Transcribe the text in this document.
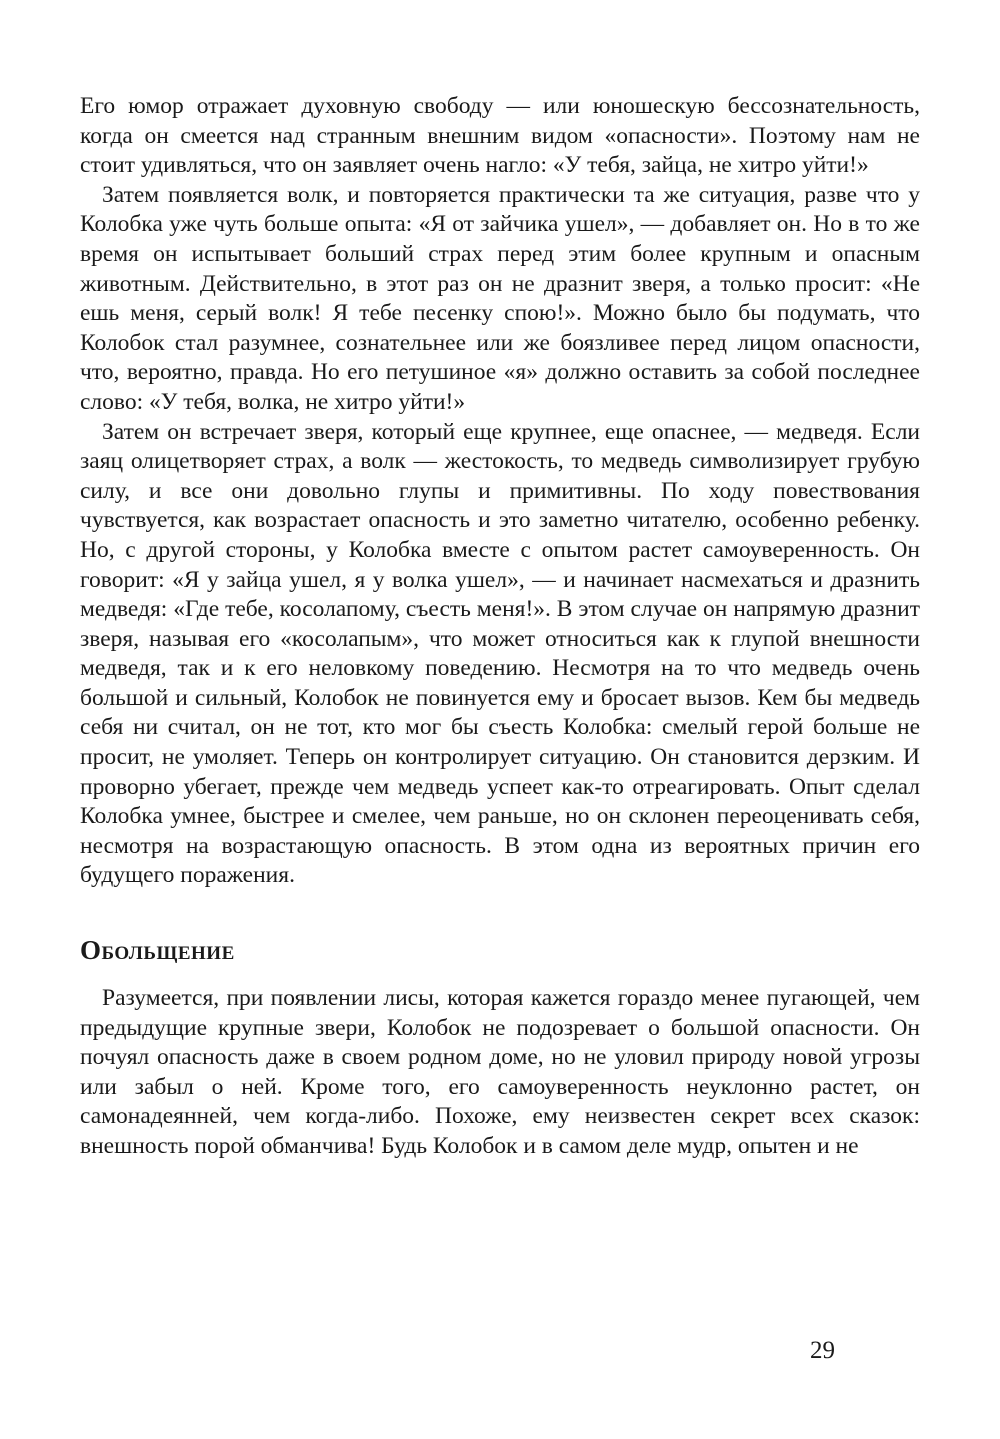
Его юмор отражает духовную свободу — или юношескую бессознательность, когда он смеется над странным внешним видом «опасности». Поэтому нам не стоит удивляться, что он заявляет очень нагло: «У тебя, зайца, не хитро уйти!»

Затем появляется волк, и повторяется практически та же ситуация, разве что у Колобка уже чуть больше опыта: «Я от зайчика ушел», — добавляет он. Но в то же время он испытывает больший страх перед этим более крупным и опасным животным. Действительно, в этот раз он не дразнит зверя, а только просит: «Не ешь меня, серый волк! Я тебе песенку спою!». Можно было бы подумать, что Колобок стал разумнее, сознательнее или же боязливее перед лицом опасности, что, вероятно, правда. Но его петушиное «я» должно оставить за собой последнее слово: «У тебя, волка, не хитро уйти!»

Затем он встречает зверя, который еще крупнее, еще опаснее, — медведя. Если заяц олицетворяет страх, а волк — жестокость, то медведь символизирует грубую силу, и все они довольно глупы и примитивны. По ходу повествования чувствуется, как возрастает опасность и это заметно читателю, особенно ребенку. Но, с другой стороны, у Колобка вместе с опытом растет самоуверенность. Он говорит: «Я у зайца ушел, я у волка ушел», — и начинает насмехаться и дразнить медведя: «Где тебе, косолапому, съесть меня!». В этом случае он напрямую дразнит зверя, называя его «косолапым», что может относиться как к глупой внешности медведя, так и к его неловкому поведению. Несмотря на то что медведь очень большой и сильный, Колобок не повинуется ему и бросает вызов. Кем бы медведь себя ни считал, он не тот, кто мог бы съесть Колобка: смелый герой больше не просит, не умоляет. Теперь он контролирует ситуацию. Он становится дерзким. И проворно убегает, прежде чем медведь успеет как-то отреагировать. Опыт сделал Колобка умнее, быстрее и смелее, чем раньше, но он склонен переоценивать себя, несмотря на возрастающую опасность. В этом одна из вероятных причин его будущего поражения.

Обольщение

Разумеется, при появлении лисы, которая кажется гораздо менее пугающей, чем предыдущие крупные звери, Колобок не подозревает о большой опасности. Он почуял опасность даже в своем родном доме, но не уловил природу новой угрозы или забыл о ней. Кроме того, его самоуверенность неуклонно растет, он самонадеянней, чем когда-либо. Похоже, ему неизвестен секрет всех сказок: внешность порой обманчива! Будь Колобок и в самом деле мудр, опытен и не

29
